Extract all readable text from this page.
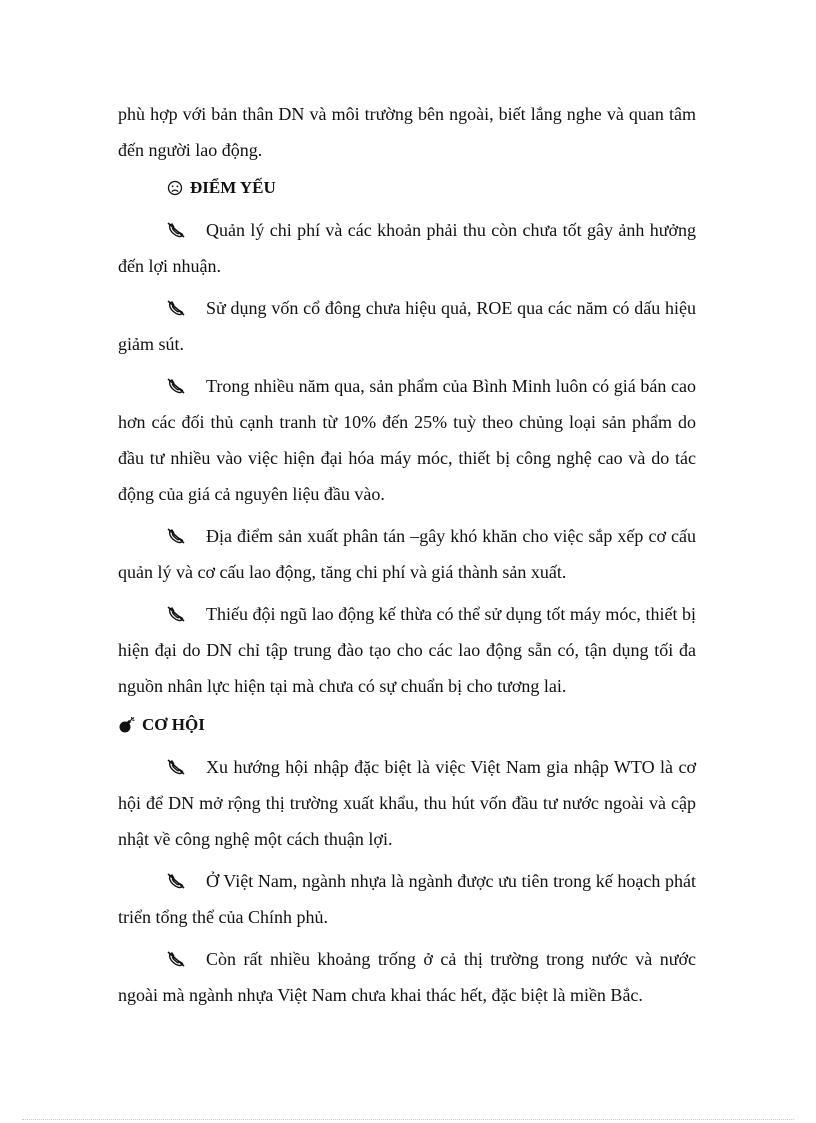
phù hợp với bản thân DN và môi trường bên ngoài, biết lắng nghe và quan tâm đến người lao động.

ĐIỂM YẾU

Quản lý chi phí và các khoản phải thu còn chưa tốt gây ảnh hưởng đến lợi nhuận.

Sử dụng vốn cổ đông chưa hiệu quả, ROE qua các năm có dấu hiệu giảm sút.

Trong nhiều năm qua, sản phẩm của Bình Minh luôn có giá bán cao hơn các đối thủ cạnh tranh từ 10% đến 25% tuỳ theo chủng loại sản phẩm do đầu tư nhiều vào việc hiện đại hóa máy móc, thiết bị công nghệ cao và do tác động của giá cả nguyên liệu đầu vào.

Địa điểm sản xuất phân tán –gây khó khăn cho việc sắp xếp cơ cấu quản lý và cơ cấu lao động, tăng chi phí và giá thành sản xuất.

Thiếu đội ngũ lao động kế thừa có thể sử dụng tốt máy móc, thiết bị hiện đại do DN chỉ tập trung đào tạo cho các lao động sẵn có, tận dụng tối đa nguồn nhân lực hiện tại mà chưa có sự chuẩn bị cho tương lai.

CƠ HỘI

Xu hướng hội nhập đặc biệt là việc Việt Nam gia nhập WTO là cơ hội để DN mở rộng thị trường xuất khẩu, thu hút vốn đầu tư nước ngoài và cập nhật về công nghệ một cách thuận lợi.

Ở Việt Nam, ngành nhựa là ngành được ưu tiên trong kế hoạch phát triển tổng thể của Chính phủ.

Còn rất nhiều khoảng trống ở cả thị trường trong nước và nước ngoài mà ngành nhựa Việt Nam chưa khai thác hết, đặc biệt là miền Bắc.
